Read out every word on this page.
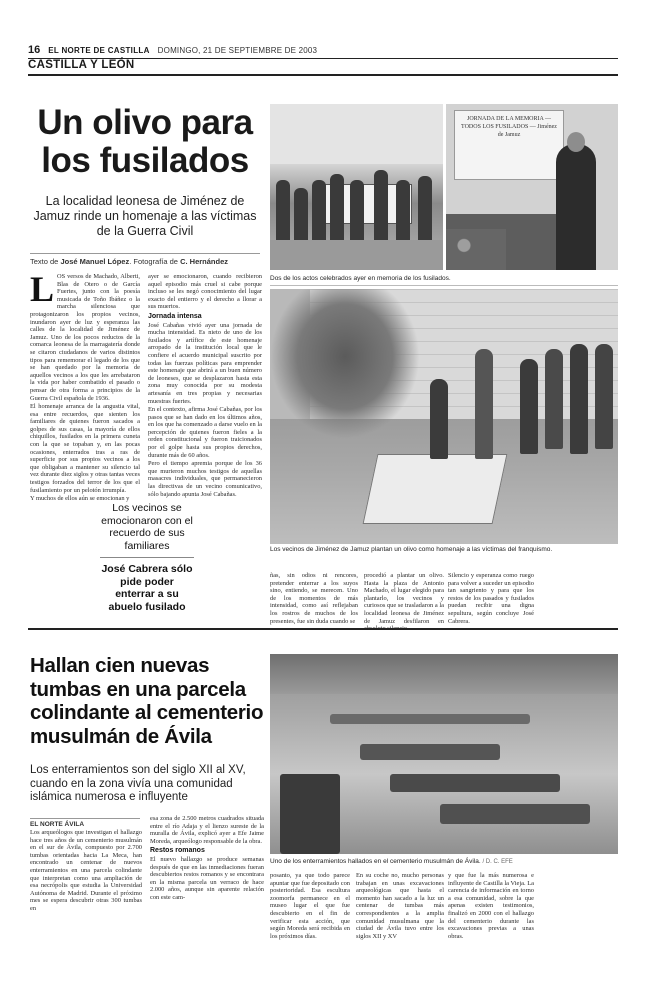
16 EL NORTE DE CASTILLA DOMINGO, 21 DE SEPTIEMBRE DE 2003
CASTILLA Y LEÓN
Un olivo para
los fusilados
La localidad leonesa de Jiménez de Jamuz rinde un homenaje a las víctimas de la Guerra Civil
Texto de José Manuel López. Fotografía de C. Hernández
L OS versos de Machado, Alberti, Blas de Otero o de García Fuertes, junto con la poesía musicada de Toño Ibáñez o la marcha silenciosa que protagonizaron los propios vecinos, inundaron ayer de luz y esperanza las calles de la localidad de Jiménez de Jamuz. Uno de los pocos reductos de la comarca leonesa de la marragatería donde se citaron ciudadanos de varios distintos tipos para rememorar el legado de los que se han quedado por la memoria de aquellos vecinos a los que les arrebataron la vida por haber combatido el pasado o pensar de otra forma a principios de la Guerra Civil española de 1936.

El homenaje arranca de la angustia vital, esa entre recuerdos, que sienten los familiares de quienes fueron sacados a golpes de sus casas, la mayoría de ellos chiquillos, fusilados en la primera cuneta con la que se topaban y, en las pocas ocasiones, enterrados tras a ras de superficie por sus propios vecinos a los que obligaban a mantener su silencio tal vez durante diez siglos y otras tantas veces testigos forzados del terror de los que el fusilamiento por un pelotón irrumpía.

Y muchos de ellos aún se emocionan y

ayer se emocionaron, cuando recibieron aquel episodio más cruel si cabe porque incluso se les negó conocimiento del lugar exacto del entierro y el derecho a llorar a sus muertos.

Jornada intensa

José Cabañas vivió ayer una jornada de mucha intensidad. Es nieto de uno de los fusilados y artífice de este homenaje arropado de la institución local que le confiere el acuerdo municipal suscrito por todas las fuerzas políticas para emprender este homenaje que abrirá a un buen número de leoneses, que se desplazaron hasta esta zona muy conocida por su modesta artesanía en tres propias y necesarias muestras fuertes.

En el contexto, afirma José Cabañas, por los pasos que se han dado en los últimos años, en los que ha comenzado a darse vuelo en la percepción de quienes fueron fieles a la orden constitucional y fueron traicionados por el golpe hasta sus propios derechos, durante más de 60 años.

Pero el tiempo apremia porque de los 36 que murieron muchos testigos de aquellas masacres individuales, que permanecieron las directivas de un vecino comunicativo, sólo bajando apunta José Cabañas.

Los vecinos se emocionaron con el recuerdo de sus familiares
José Cabrera sólo pide poder enterrar a su abuelo fusilado
JORNADA DE LA MEMORIA — TODOS LOS FUSILADOS — Jiménez de Jamuz
Dos de los actos celebrados ayer en memoria de los fusilados.
Los vecinos de Jiménez de Jamuz plantan un olivo como homenaje a las víctimas del franquismo.
ñas, sin odios ni rencores, pretender enterrar a los suyos sino, entiendo, se merecen. Uno de los momentos de más intensidad, como así reflejaban los rostros de muchos de los presentes, fue sin duda cuando se
procedió a plantar un olivo. Hasta la plaza de Antonio Machado, el lugar elegido para plantarlo, los vecinos y curiosos que se trasladaron a la localidad leonesa de Jiménez de Jamuz desfilaron en
Silencio y esperanza como ruego para volver a suceder un episodio tan sangriento y para que los restos de los pasados y fusilados puedan recibir una digna sepultura, según concluye José Cabrera.
Hallan cien nuevas tumbas en una parcela colindante al cementerio musulmán de Ávila
Los enterramientos son del siglo XII al XV, cuando en la zona vivía una comunidad islámica numerosa e influyente
EL NORTE ÁVILA
Los arqueólogos que investigan el hallazgo hace tres años de un cementerio musulmán en el sur de Ávila, compuesto por 2.700 tumbas orientadas hacia La Meca, han encontrado un centenar de nuevos enterramientos en una parcela colindante que interpretan como una ampliación de esa necrópolis que estudia la Universidad Autónoma de Madrid. Durante el próximo mes se espera descubrir otras 300 tumbas en

esa zona de 2.500 metros cuadrados situada entre el río Adaja y el lienzo sureste de la muralla de Ávila, explicó ayer a Efe Jaime Moreda, arqueólogo responsable de la obra.

Restos romanos

El nuevo hallazgo se produce semanas después de que en las inmediaciones fueran descubiertos restos romanos y se encontrara en la misma parcela un verraco de hace 2.000 años, aunque sin aparente relación con este cam-

Uno de los enterramientos hallados en el cementerio musulmán de Ávila. / D. C. EFE
posanto, ya que todo parece apuntar que fue depositado con posterioridad. Esa escultura zoomorfa permanece en el museo lugar el que fue descubierto en el fin de verificar esta acción, que según Moreda será recibida en los próximos días.
En su coche no, mucho personas trabajan en unas excavaciones arqueológicas que hasta el momento han sacado a la luz un centenar de tumbas más correspondientes a la amplia comunidad musulmana que la ciudad de Ávila tuvo entre los siglos XII y XV
y que fue la más numerosa e influyente de Castilla la Vieja. La carencia de información en torno a esa comunidad, sobre la que apenas existen testimonios, finalizó en 2000 con el hallazgo del cementerio durante las excavaciones previas a unas obras.
